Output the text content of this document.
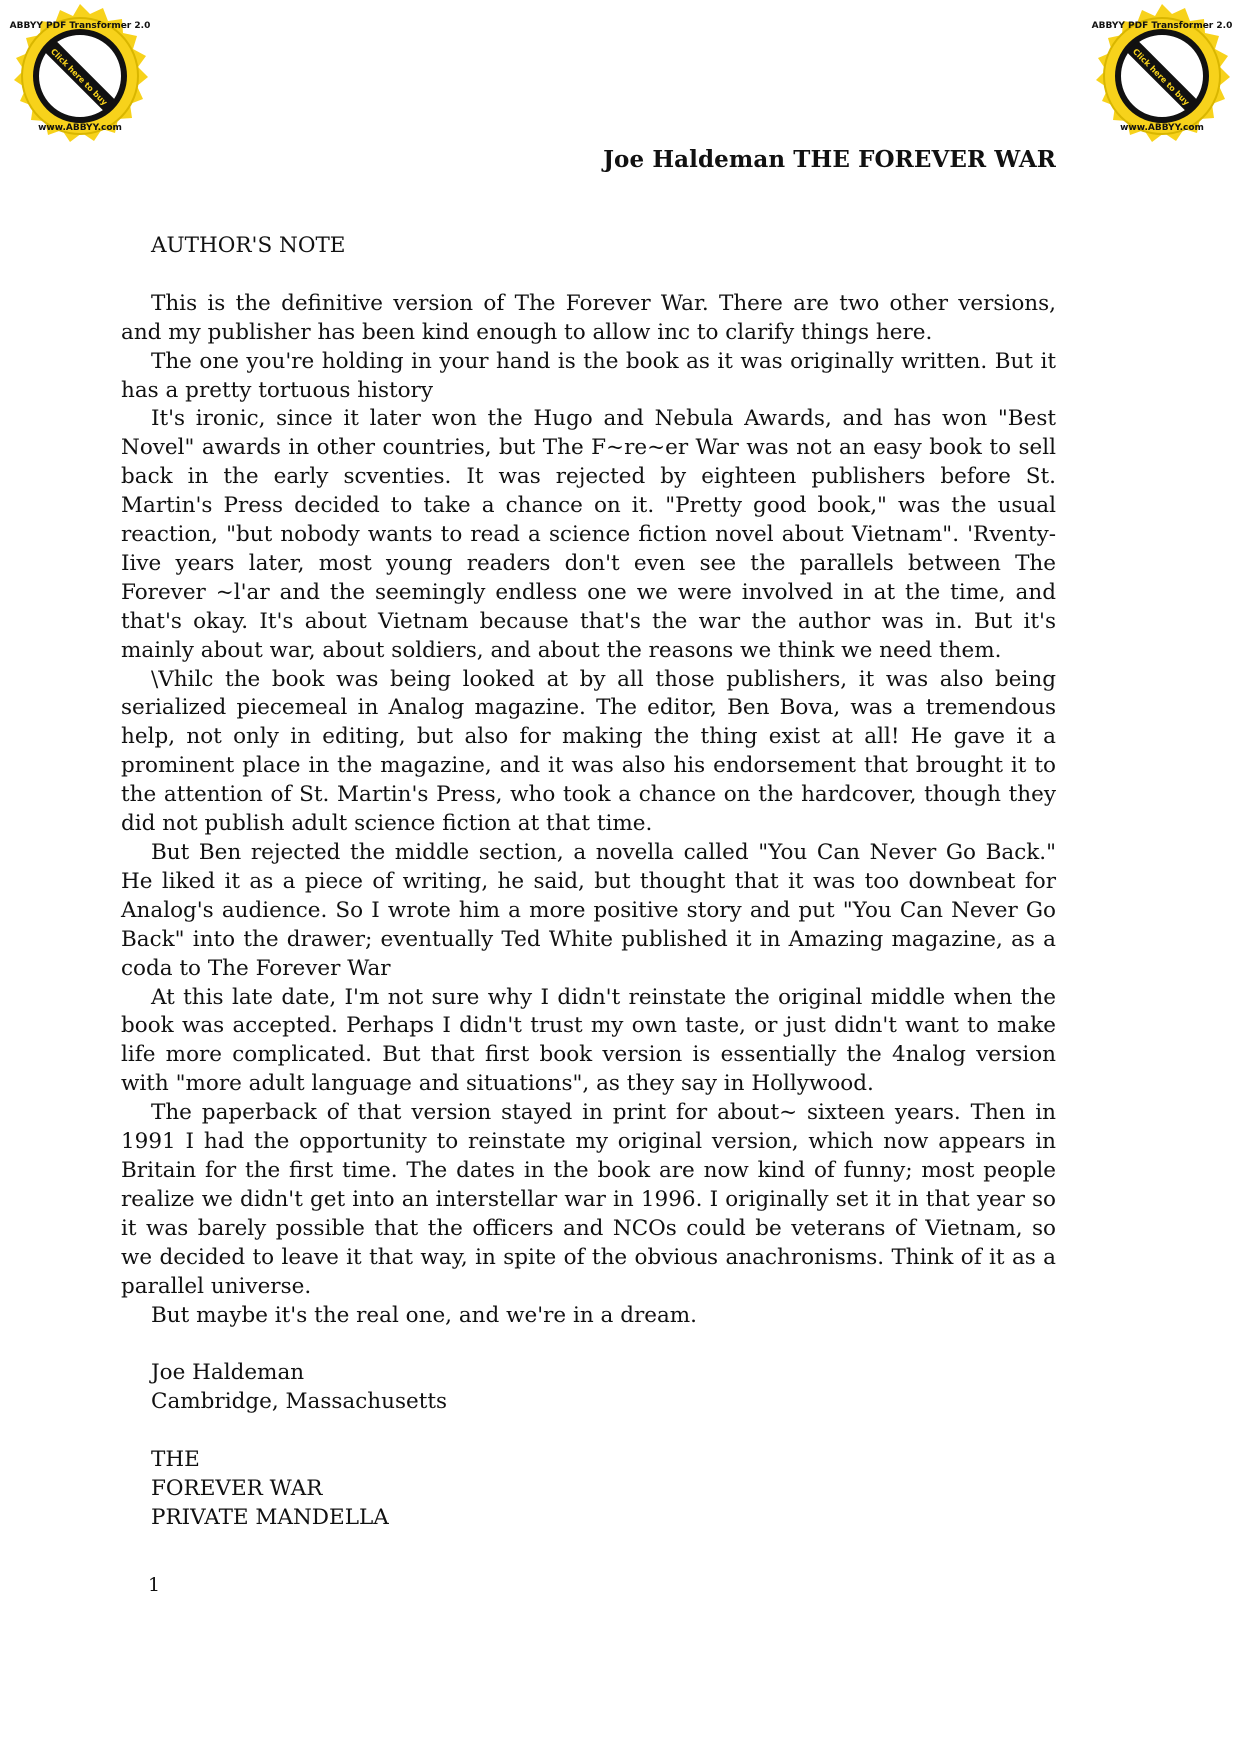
ABBYY PDF Transformer 2.0
Click here to buy
www.ABBYY.com
ABBYY PDF Transformer 2.0
Click here to buy
www.ABBYY.com
Joe Haldeman THE FOREVER WAR

AUTHOR'S NOTE

This is the definitive version of The Forever War. There are two other versions, and my publisher has been kind enough to allow inc to clarify things here.

The one you're holding in your hand is the book as it was originally written. But it has a pretty tortuous history

It's ironic, since it later won the Hugo and Nebula Awards, and has won "Best Novel" awards in other countries, but The F~re~er War was not an easy book to sell back in the early scventies. It was rejected by eighteen publishers before St. Martin's Press decided to take a chance on it. "Pretty good book," was the usual reaction, "but nobody wants to read a science fiction novel about Vietnam". 'Rventy-Iive years later, most young readers don't even see the parallels between The Forever ~l'ar and the seemingly endless one we were involved in at the time, and that's okay. It's about Vietnam because that's the war the author was in. But it's mainly about war, about soldiers, and about the reasons we think we need them.

\Vhilc the book was being looked at by all those publishers, it was also being serialized piecemeal in Analog magazine. The editor, Ben Bova, was a tremendous help, not only in editing, but also for making the thing exist at all! He gave it a prominent place in the magazine, and it was also his endorsement that brought it to the attention of St. Martin's Press, who took a chance on the hardcover, though they did not publish adult science fiction at that time.

But Ben rejected the middle section, a novella called "You Can Never Go Back." He liked it as a piece of writing, he said, but thought that it was too downbeat for Analog's audience. So I wrote him a more positive story and put "You Can Never Go Back" into the drawer; eventually Ted White published it in Amazing magazine, as a coda to The Forever War

At this late date, I'm not sure why I didn't reinstate the original middle when the book was accepted. Perhaps I didn't trust my own taste, or just didn't want to make life more complicated. But that first book version is essentially the 4nalog version with "more adult language and situations", as they say in Hollywood.

The paperback of that version stayed in print for about~ sixteen years. Then in 1991 I had the opportunity to reinstate my original version, which now appears in Britain for the first time. The dates in the book are now kind of funny; most people realize we didn't get into an interstellar war in 1996. I originally set it in that year so it was barely possible that the officers and NCOs could be veterans of Vietnam, so we decided to leave it that way, in spite of the obvious anachronisms. Think of it as a parallel universe.

But maybe it's the real one, and we're in a dream.

Joe Haldeman

Cambridge, Massachusetts

THE

FOREVER WAR

PRIVATE MANDELLA

1
